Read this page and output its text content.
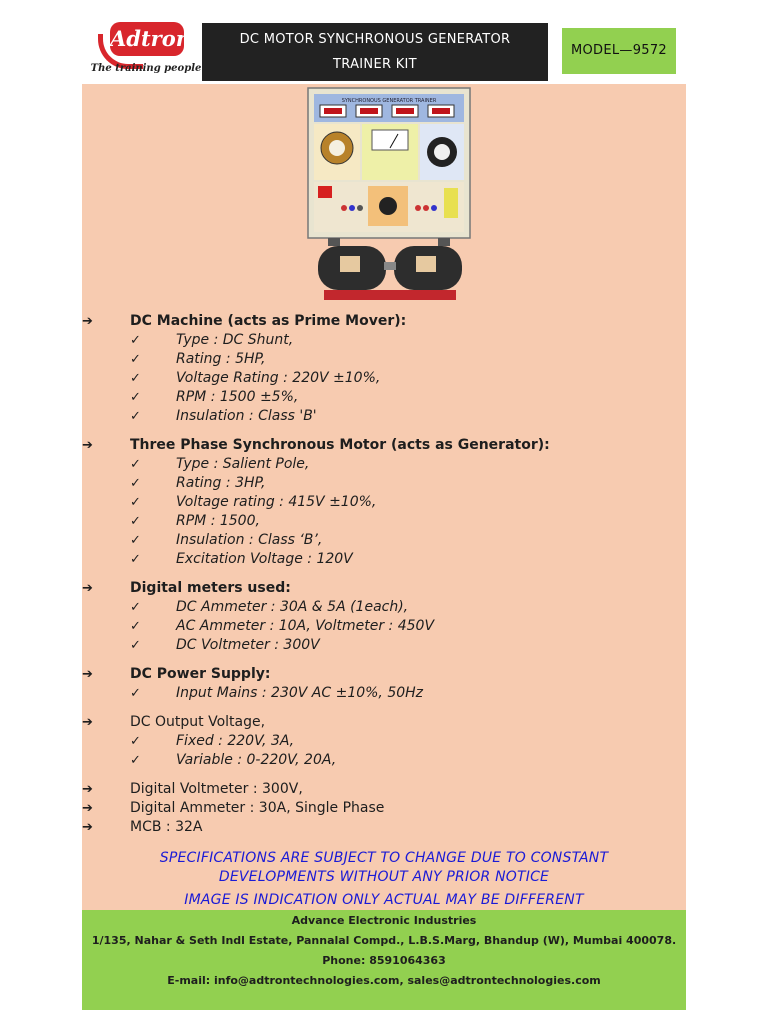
Adtron
The training people
DC MOTOR SYNCHRONOUS GENERATOR
TRAINER KIT
MODEL—9572
SYNCHRONOUS GENERATOR TRAINER
➔	DC Machine (acts as Prime Mover):
✓	Type : DC Shunt,
✓	Rating : 5HP,
✓	Voltage Rating : 220V ±10%,
✓	RPM : 1500 ±5%,
✓	Insulation : Class 'B'
➔	Three Phase Synchronous Motor (acts as Generator):
✓	Type : Salient Pole,
✓	Rating : 3HP,
✓	Voltage rating : 415V ±10%,
✓	RPM : 1500,
✓	Insulation : Class ‘B’,
✓	Excitation Voltage : 120V
➔	Digital meters used:
✓	DC Ammeter : 30A & 5A (1each),
✓	AC Ammeter : 10A, Voltmeter : 450V
✓	DC Voltmeter : 300V
➔	DC Power Supply:
✓	Input Mains : 230V AC ±10%, 50Hz
➔	DC Output Voltage,
✓	Fixed : 220V, 3A,
✓	Variable : 0-220V, 20A,
➔	Digital Voltmeter : 300V,
➔	Digital Ammeter : 30A, Single Phase
➔	MCB : 32A
SPECIFICATIONS ARE SUBJECT TO CHANGE DUE TO CONSTANT
DEVELOPMENTS WITHOUT ANY PRIOR NOTICE
IMAGE IS INDICATION ONLY ACTUAL MAY BE DIFFERENT
Advance Electronic Industries
1/135, Nahar & Seth Indl Estate, Pannalal Compd., L.B.S.Marg, Bhandup (W), Mumbai 400078.
Phone: 8591064363
E-mail: info@adtrontechnologies.com, sales@adtrontechnologies.com
